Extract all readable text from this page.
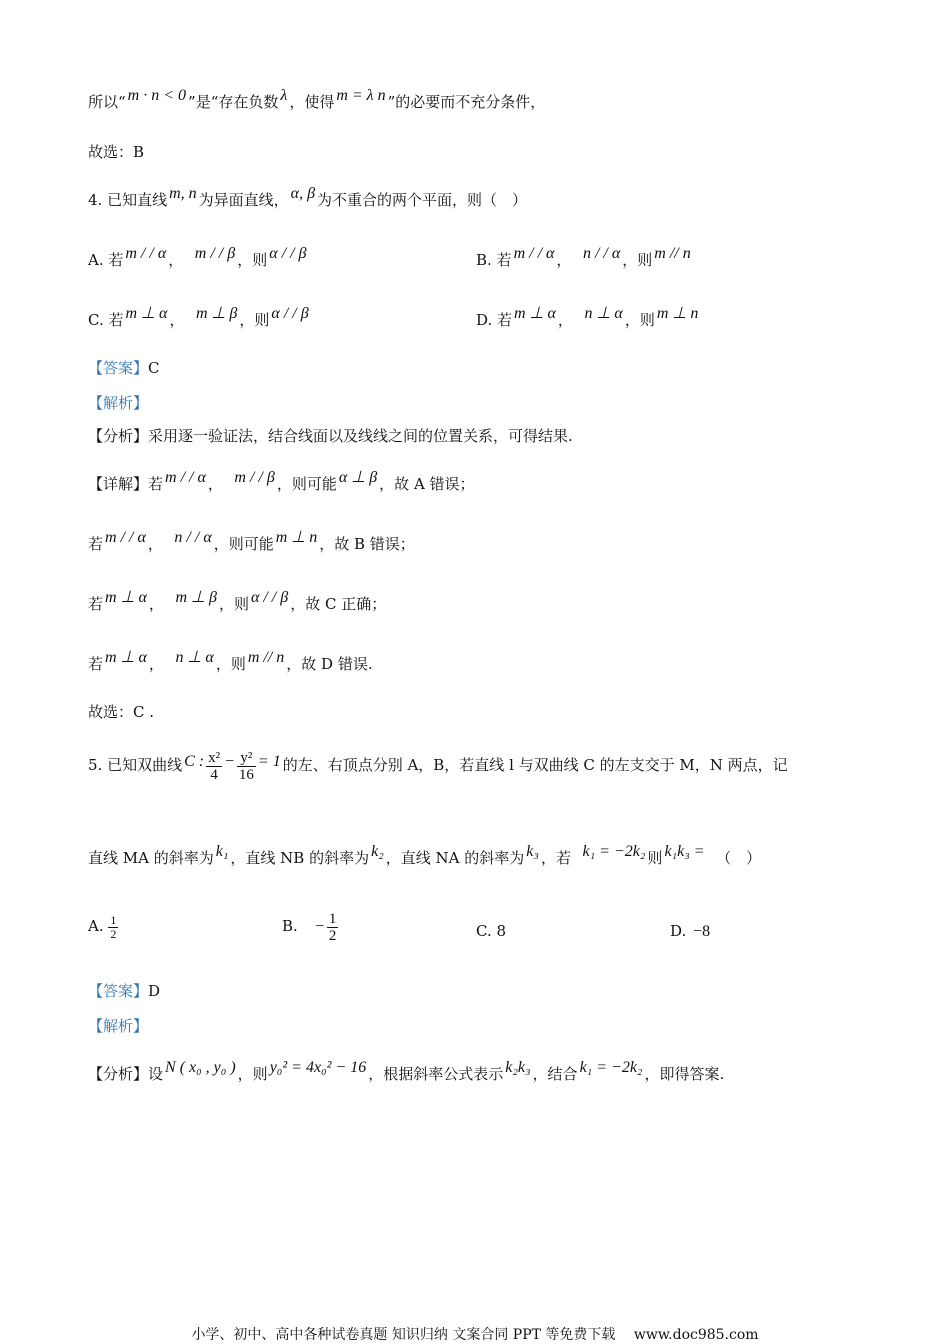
所以“ m · n < 0 ”是“存在负数 λ ，使得 m = λ n ”的必要而不充分条件，
故选：B
4. 已知直线 m, n 为异面直线， α, β 为不重合的两个平面，则（　）
A. 若 m / / α ， m / / β ，则 α / / β	B. 若 m / / α ， n / / α ，则 m // n
C. 若 m ⊥ α ， m ⊥ β ，则 α / / β	D. 若 m ⊥ α ， n ⊥ α ，则 m ⊥ n
【答案】C
【解析】
【分析】采用逐一验证法，结合线面以及线线之间的位置关系，可得结果.
【详解】若 m / / α ， m / / β ，则可能 α ⊥ β ，故 A 错误；
若 m / / α ， n / / α ，则可能 m ⊥ n ，故 B 错误；
若 m ⊥ α ， m ⊥ β ，则 α / / β ，故 C 正确；
若 m ⊥ α ， n ⊥ α ，则 m // n ，故 D 错误.
故选：C .
5. 已知双曲线 C : $\frac{\text{x²}}{4} - \frac{\text{y²}}{16} = 1$ 的左、右顶点分别 A，B，若直线 l 与双曲线 C 的左支交于 M，N 两点，记
直线 MA 的斜率为 k₁ ，直线 NB 的斜率为 k₂ ，直线 NA 的斜率为 k₃ ，若 k₁ = −2k₂ 则 k₁k₃ = （　）
A. $\frac{1}{2}$	B. − $\frac{1}{2}$	C. 8	D. −8
【答案】D
【解析】
【分析】设 N ( x₀ , y₀ ) ，则 y₀² = 4x₀² − 16 ，根据斜率公式表示 k₂k₃ ，结合 k₁ = −2k₂ ，即得答案.
小学、初中、高中各种试卷真题 知识归纳 文案合同 PPT 等免费下载　 www.doc985.com
